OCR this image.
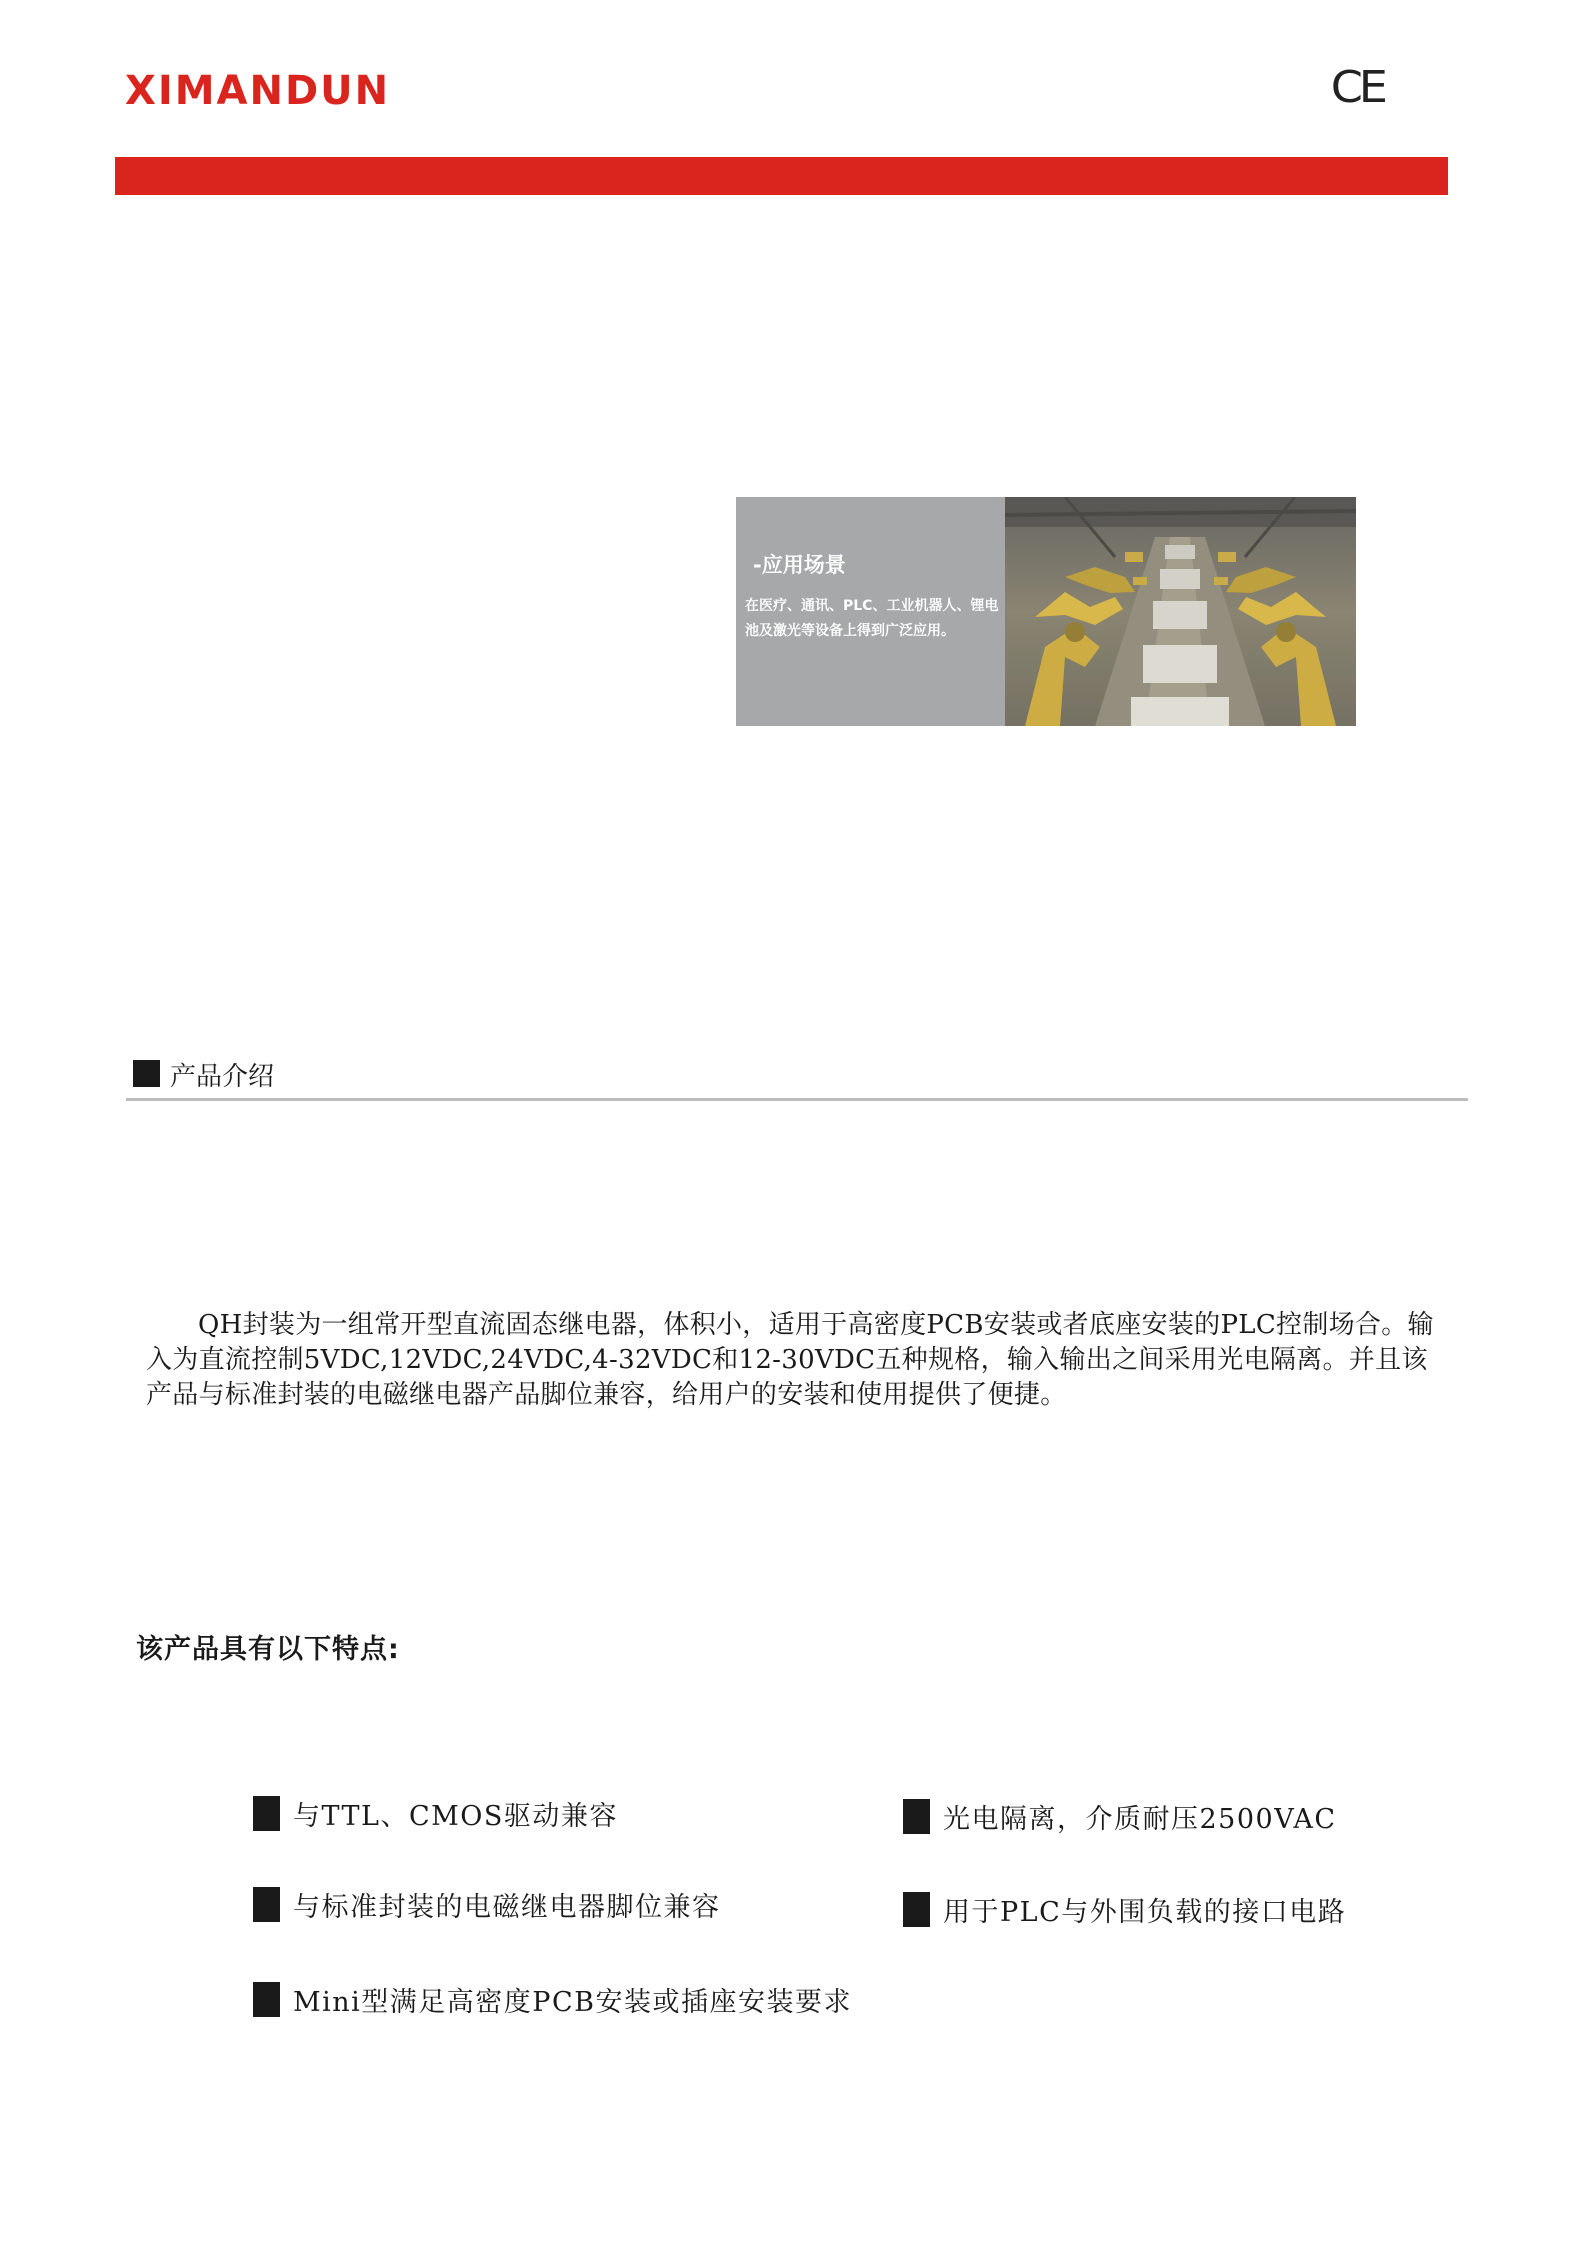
XIMANDUN	CE
-应用场景
在医疗、通讯、PLC、工业机器人、锂电池及激光等设备上得到广泛应用。
产品介绍
QH封装为一组常开型直流固态继电器，体积小，适用于高密度PCB安装或者底座安装的PLC控制场合。输入为直流控制5VDC,12VDC,24VDC,4-32VDC和12-30VDC五种规格，输入输出之间采用光电隔离。并且该产品与标准封装的电磁继电器产品脚位兼容，给用户的安装和使用提供了便捷。
该产品具有以下特点:
与TTL、CMOS驱动兼容	光电隔离，介质耐压2500VAC
与标准封装的电磁继电器脚位兼容	用于PLC与外围负载的接口电路
Mini型满足高密度PCB安装或插座安装要求
